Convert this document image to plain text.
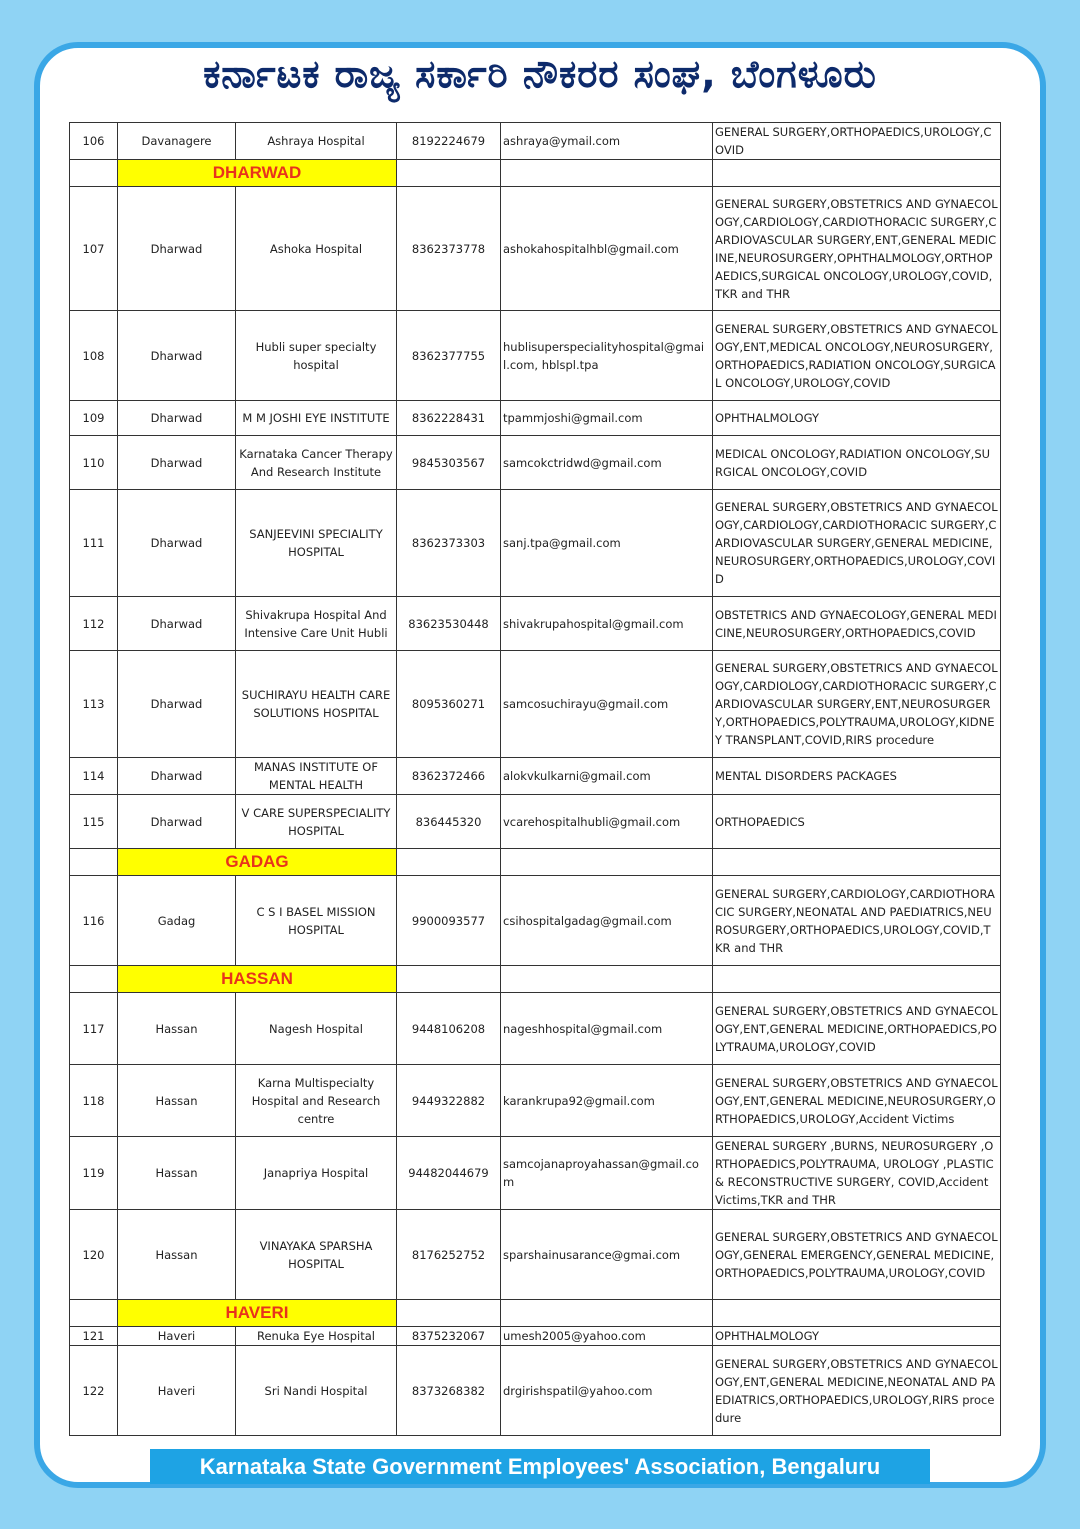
ಕರ್ನಾಟಕ ರಾಜ್ಯ ಸರ್ಕಾರಿ ನೌಕರರ ಸಂಘ, ಬೆಂಗಳೂರು
106	Davanagere	Ashraya Hospital	8192224679	ashraya@ymail.com	GENERAL SURGERY,ORTHOPAEDICS,UROLOGY,COVID
	DHARWAD				
107	Dharwad	Ashoka Hospital	8362373778	ashokahospitalhbl@gmail.com	GENERAL SURGERY,OBSTETRICS AND GYNAECOLOGY,CARDIOLOGY,CARDIOTHORACIC SURGERY,CARDIOVASCULAR SURGERY,ENT,GENERAL MEDICINE,NEUROSURGERY,OPHTHALMOLOGY,ORTHOPAEDICS,SURGICAL ONCOLOGY,UROLOGY,COVID,TKR and THR
108	Dharwad	Hubli super specialty hospital	8362377755	hublisuperspecialityhospital@gmail.com, hblspl.tpa	GENERAL SURGERY,OBSTETRICS AND GYNAECOLOGY,ENT,MEDICAL ONCOLOGY,NEUROSURGERY,ORTHOPAEDICS,RADIATION ONCOLOGY,SURGICAL ONCOLOGY,UROLOGY,COVID
109	Dharwad	M M JOSHI EYE INSTITUTE	8362228431	tpammjoshi@gmail.com	OPHTHALMOLOGY
110	Dharwad	Karnataka Cancer Therapy And Research Institute	9845303567	samcokctridwd@gmail.com	MEDICAL ONCOLOGY,RADIATION ONCOLOGY,SURGICAL ONCOLOGY,COVID
111	Dharwad	SANJEEVINI SPECIALITY HOSPITAL	8362373303	sanj.tpa@gmail.com	GENERAL SURGERY,OBSTETRICS AND GYNAECOLOGY,CARDIOLOGY,CARDIOTHORACIC SURGERY,CARDIOVASCULAR SURGERY,GENERAL MEDICINE,NEUROSURGERY,ORTHOPAEDICS,UROLOGY,COVID
112	Dharwad	Shivakrupa Hospital And Intensive Care Unit Hubli	83623530448	shivakrupahospital@gmail.com	OBSTETRICS AND GYNAECOLOGY,GENERAL MEDICINE,NEUROSURGERY,ORTHOPAEDICS,COVID
113	Dharwad	SUCHIRAYU HEALTH CARE SOLUTIONS HOSPITAL	8095360271	samcosuchirayu@gmail.com	GENERAL SURGERY,OBSTETRICS AND GYNAECOLOGY,CARDIOLOGY,CARDIOTHORACIC SURGERY,CARDIOVASCULAR SURGERY,ENT,NEUROSURGERY,ORTHOPAEDICS,POLYTRAUMA,UROLOGY,KIDNEY TRANSPLANT,COVID,RIRS procedure
114	Dharwad	MANAS INSTITUTE OF MENTAL HEALTH	8362372466	alokvkulkarni@gmail.com	MENTAL DISORDERS PACKAGES
115	Dharwad	V CARE SUPERSPECIALITY HOSPITAL	836445320	vcarehospitalhubli@gmail.com	ORTHOPAEDICS
	GADAG				
116	Gadag	C S I BASEL MISSION HOSPITAL	9900093577	csihospitalgadag@gmail.com	GENERAL SURGERY,CARDIOLOGY,CARDIOTHORACIC SURGERY,NEONATAL AND PAEDIATRICS,NEUROSURGERY,ORTHOPAEDICS,UROLOGY,COVID,TKR and THR
	HASSAN				
117	Hassan	Nagesh Hospital	9448106208	nageshhospital@gmail.com	GENERAL SURGERY,OBSTETRICS AND GYNAECOLOGY,ENT,GENERAL MEDICINE,ORTHOPAEDICS,POLYTRAUMA,UROLOGY,COVID
118	Hassan	Karna Multispecialty Hospital and Research centre	9449322882	karankrupa92@gmail.com	GENERAL SURGERY,OBSTETRICS AND GYNAECOLOGY,ENT,GENERAL MEDICINE,NEUROSURGERY,ORTHOPAEDICS,UROLOGY,Accident Victims
119	Hassan	Janapriya Hospital	94482044679	samcojanaproyahassan@gmail.com	GENERAL SURGERY ,BURNS, NEUROSURGERY ,ORTHOPAEDICS,POLYTRAUMA, UROLOGY ,PLASTIC & RECONSTRUCTIVE SURGERY, COVID,Accident Victims,TKR and THR
120	Hassan	VINAYAKA SPARSHA HOSPITAL	8176252752	sparshainusarance@gmai.com	GENERAL SURGERY,OBSTETRICS AND GYNAECOLOGY,GENERAL EMERGENCY,GENERAL MEDICINE,ORTHOPAEDICS,POLYTRAUMA,UROLOGY,COVID
	HAVERI				
121	Haveri	Renuka Eye Hospital	8375232067	umesh2005@yahoo.com	OPHTHALMOLOGY
122	Haveri	Sri Nandi Hospital	8373268382	drgirishspatil@yahoo.com	GENERAL SURGERY,OBSTETRICS AND GYNAECOLOGY,ENT,GENERAL MEDICINE,NEONATAL AND PAEDIATRICS,ORTHOPAEDICS,UROLOGY,RIRS procedure
Karnataka State Government Employees' Association, Bengaluru
